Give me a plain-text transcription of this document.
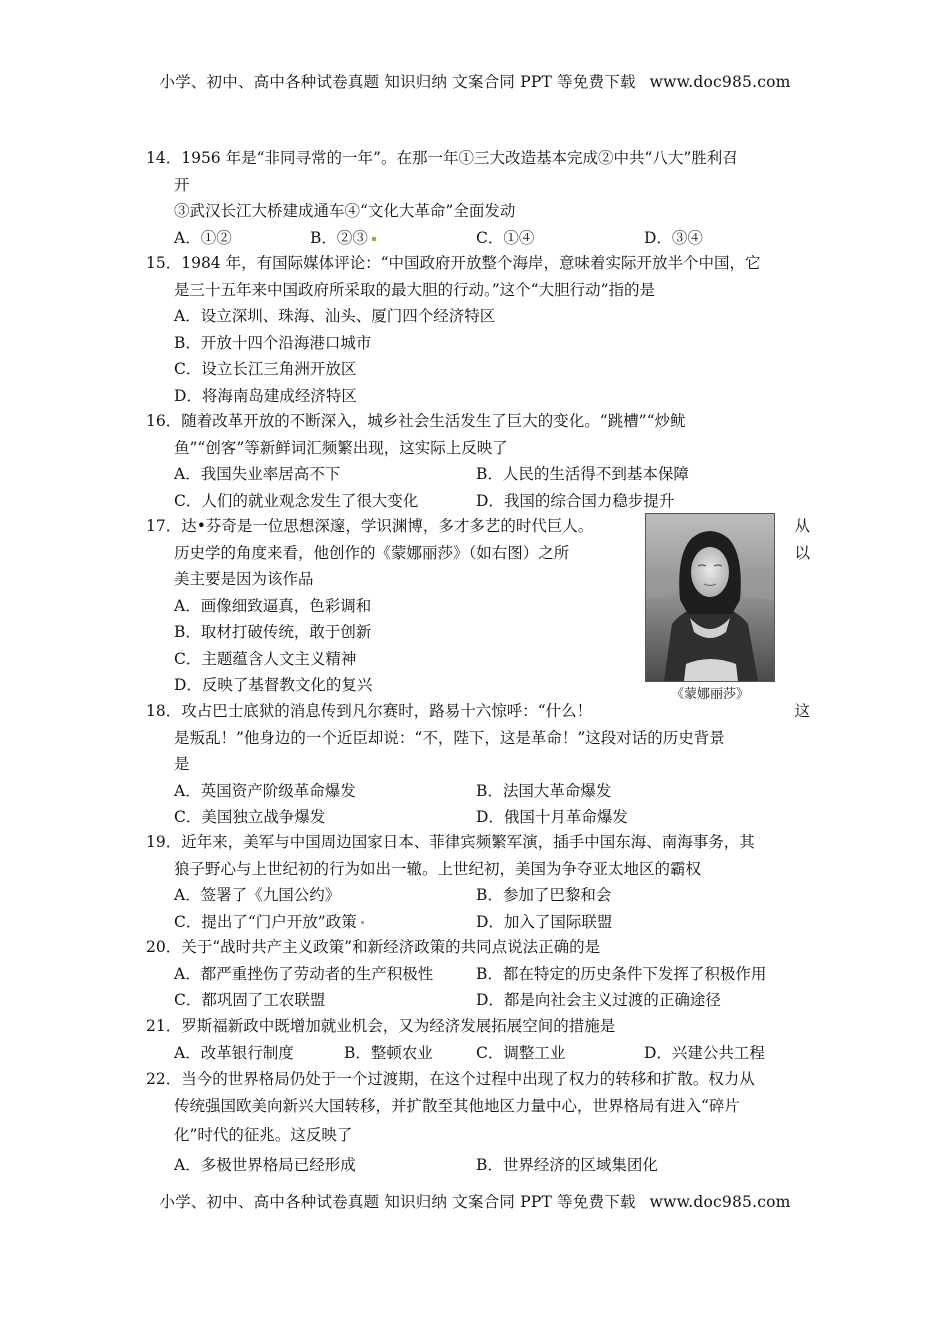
小学、初中、高中各种试卷真题 知识归纳 文案合同 PPT 等免费下载 www.doc985.com
14．1956 年是“非同寻常的一年”。在那一年①三大改造基本完成②中共“八大”胜利召
开
③武汉长江大桥建成通车④“文化大革命”全面发动
A．①②	B．②③	C．①④	D．③④
15．1984 年，有国际媒体评论：“中国政府开放整个海岸，意味着实际开放半个中国，它
是三十五年来中国政府所采取的最大胆的行动。”这个“大胆行动”指的是
A．设立深圳、珠海、汕头、厦门四个经济特区
B．开放十四个沿海港口城市
C．设立长江三角洲开放区
D．将海南岛建成经济特区
16．随着改革开放的不断深入，城乡社会生活发生了巨大的变化。“跳槽”“炒鱿
鱼”“创客”等新鲜词汇频繁出现，这实际上反映了
A．我国失业率居高不下	B．人民的生活得不到基本保障
C．人们的就业观念发生了很大变化	D．我国的综合国力稳步提升
17．达•芬奇是一位思想深邃，学识渊博，多才多艺的时代巨人。	从
历史学的角度来看，他创作的《蒙娜丽莎》（如右图）之所	以
美主要是因为该作品
A．画像细致逼真，色彩调和
B．取材打破传统，敢于创新
C．主题蕴含人文主义精神
D．反映了基督教文化的复兴
《蒙娜丽莎》
18．攻占巴士底狱的消息传到凡尔赛时，路易十六惊呼：“什么！	这
是叛乱！”他身边的一个近臣却说：“不，陛下，这是革命！”这段对话的历史背景
是
A．英国资产阶级革命爆发	B．法国大革命爆发
C．美国独立战争爆发	D．俄国十月革命爆发
19．近年来，美军与中国周边国家日本、菲律宾频繁军演，插手中国东海、南海事务，其
狼子野心与上世纪初的行为如出一辙。上世纪初，美国为争夺亚太地区的霸权
A．签署了《九国公约》	B．参加了巴黎和会
C．提出了“门户开放”政策	D．加入了国际联盟
20．关于“战时共产主义政策”和新经济政策的共同点说法正确的是
A．都严重挫伤了劳动者的生产积极性	B．都在特定的历史条件下发挥了积极作用
C．都巩固了工农联盟	D．都是向社会主义过渡的正确途径
21．罗斯福新政中既增加就业机会，又为经济发展拓展空间的措施是
A．改革银行制度	B．整顿农业	C．调整工业	D．兴建公共工程
22．当今的世界格局仍处于一个过渡期，在这个过程中出现了权力的转移和扩散。权力从
传统强国欧美向新兴大国转移，并扩散至其他地区力量中心，世界格局有进入“碎片
化”时代的征兆。这反映了
A．多极世界格局已经形成	B．世界经济的区域集团化
小学、初中、高中各种试卷真题 知识归纳 文案合同 PPT 等免费下载 www.doc985.com
